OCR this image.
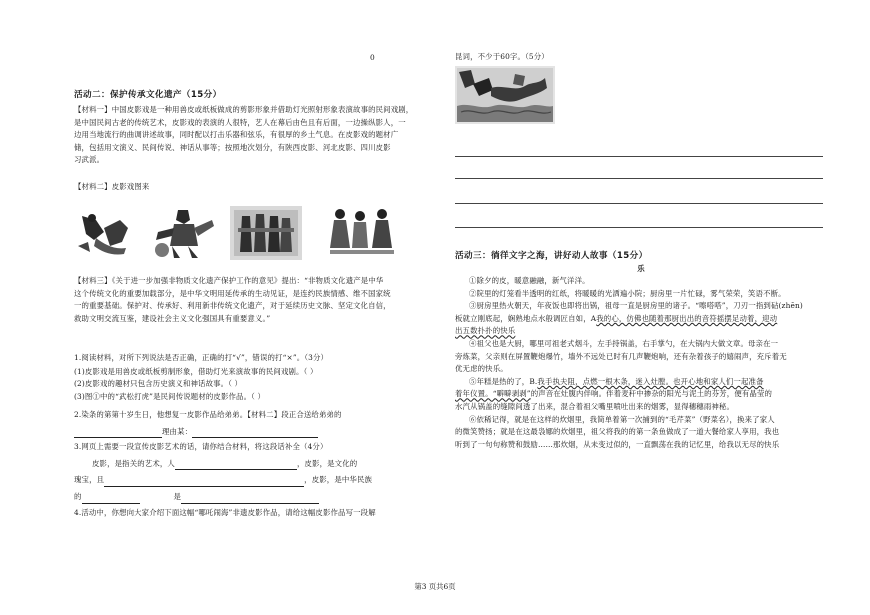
0
活动二：保护传承文化遗产（15分）
【材料一】中国皮影戏是一种用兽皮或纸板做成的剪影形象并借助灯光照射形象表演故事的民间戏剧，
是中国民间古老的传统艺术，皮影戏的表演的人很特，艺人在幕后由色且有后面，一边操纵影人，一
边用当地流行的曲调讲述故事，同时配以打击乐器和弦乐，有很厚的乡土气息。在皮影戏的题材广
储，包括用文演义、民间传说、神话从事等；按照地次划分，有陕西皮影、河北皮影、四川皮影
习武派。
【材料二】皮影戏图来
【材料三】《关于进一步加强非物质文化遗产保护工作的意见》提出：“非物质文化遗产是中华
这个传统文化的重要加载部分，是中华文明用延传承的生动见证，是连约民族情感、维不国家统
一的重要基础。保护对、传承好、利用新非传统文化遗产，对于延续历史文脉、坚定文化自信，
救助文明交流互鉴，建设社会主义文化强国具有重要意义。”
1.阅读材料，对所下列说法是否正确，正确的打“√”，错误的打“×”。（3分）
(1)皮影戏是用兽皮或纸板剪制形象，借助灯光来演故事的民间戏剧。（ ）
(2)皮影戏的趣材只包含历史演义和神话故事。（ ）
(3)图①中的“武松打虎”是民间传说题材的皮影作品。（ ）
2.染条的第第十岁生日，他想复一皮影作品给弟弟。【材料二】段正合送给弟弟的
理由某：
3.网页上需要一段宣传皮影艺术的话，请你结合材料，将这段话补全（4分）
皮影，是指关的艺术，人	，皮影，是文化的
瑰宝，且	，皮影，是中华民族
的	是
4.活动中，你想向大家介绍下面这幅“哪吒闹海”非遗皮影作品，请给这幅皮影作品写一段解
昆词，不少于60字。（5分）
活动三：徜徉文字之海，讲好动人故事（15分）
乐
①除夕的皮，暖意融融，新气洋洋。
②院里的灯笼看半透明的红纸，将暖暖的光洒遍小院；厨房里一片忙碌，雾气荣荣，笑语不断。
③厨房里热火朝天，年夜饭也即将出锅，祖母一直是厨房里的诸子。“嚓嗒嗒”，刀刃一指到砧(zhēn)
板就立刚底起，娴熟地点水般调匠自如，A我的心，仿佛也随着那厨出出的音符摇摆足动着，迎动
出五数扑扑的快乐
④祖父也是大厨，哪里可祖老式烟斗，左手持锅盖，右手掌勺，在大锅内大做文章。母亲在一
旁炼菜，父亲则在屏置鞭炮爆竹，墙外不远处已时有几声鞭炮响，还有杂着孩子的嬉闹声，充斥着无
优无虑的快乐。
⑤年糕是热的了，B.我手执夫阻，点燃一根木条，迷入灶膛。也开心地和家人们一起准备
着年仪置。“噼噼剥剥”的声音在灶腹内伴响。伴着麦秆中掺杂的阳光与泥土的芬芳，便有晶莹的
水汽从锅盖的缝隙间透了出来，混合着祖父嘴里喷吐出来的烟雾，显得穗穗雨神秘。
⑥依稀记得，就是在这样的炊烟里，我简单着第一次捕到的“毛芹菜”（野菜名），换来了家人
的微笑赞扬；就是在这最袅娜的炊烟里，祖父将我的的第一条鱼做成了一道大餐给家人享用，我也
听到了一句句称赞和鼓励……那炊烟，从未变过似的，一直飘荡在我的记忆里，给我以无尽的快乐
第3 页共6页
